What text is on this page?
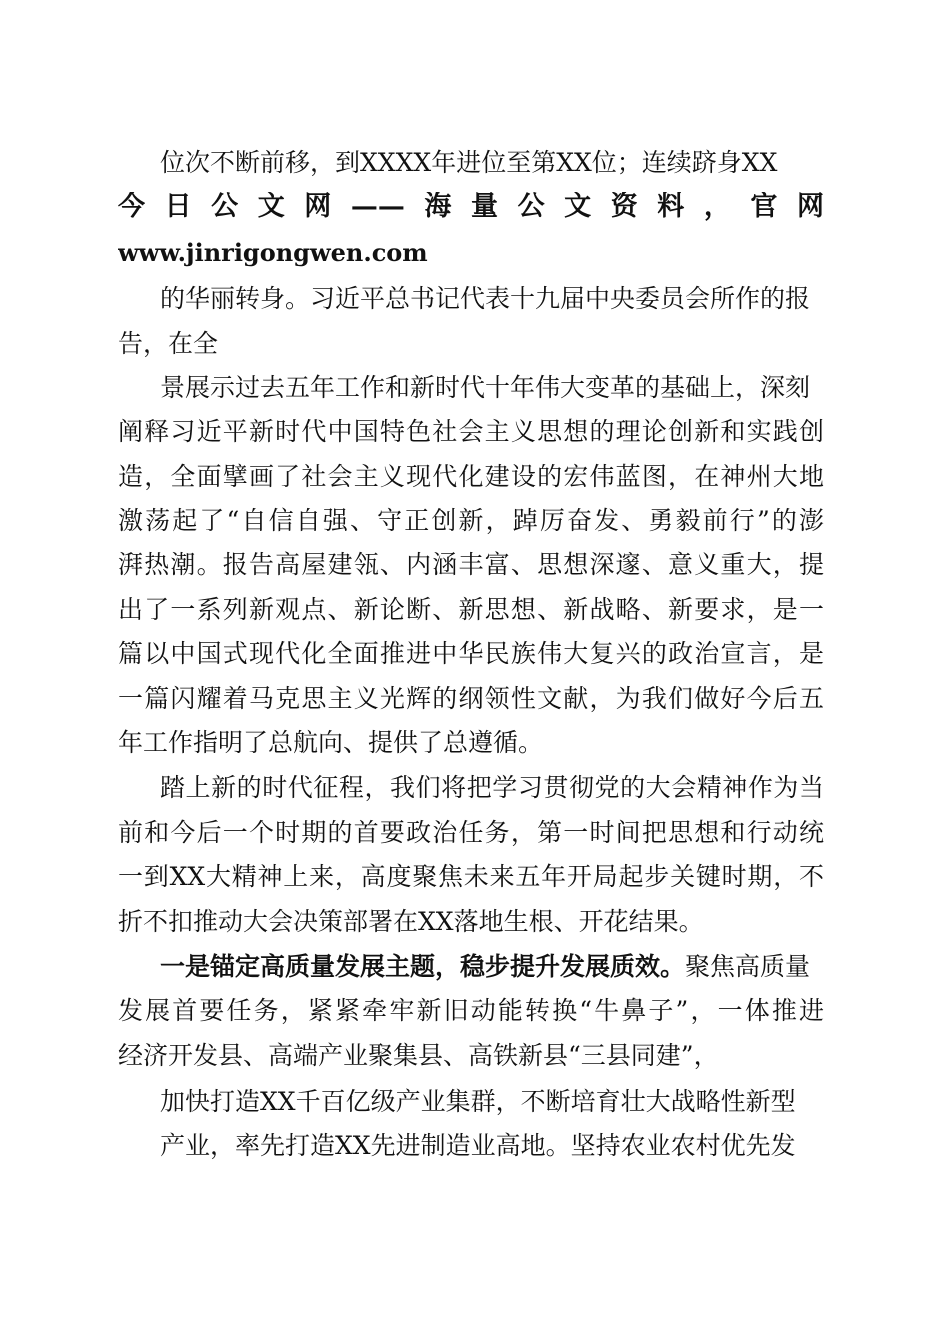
位次不断前移，到XXXX年进位至第XX位；连续跻身XX
今日公文网——海量公文资料，官网
www.jinrigongwen.com
的华丽转身。习近平总书记代表十九届中央委员会所作的报
告，在全
景展示过去五年工作和新时代十年伟大变革的基础上，深刻
阐释习近平新时代中国特色社会主义思想的理论创新和实践创
造，全面擘画了社会主义现代化建设的宏伟蓝图，在神州大地
激荡起了“自信自强、守正创新，踔厉奋发、勇毅前行”的澎
湃热潮。报告高屋建瓴、内涵丰富、思想深邃、意义重大，提
出了一系列新观点、新论断、新思想、新战略、新要求，是一
篇以中国式现代化全面推进中华民族伟大复兴的政治宣言，是
一篇闪耀着马克思主义光辉的纲领性文献，为我们做好今后五
年工作指明了总航向、提供了总遵循。
踏上新的时代征程，我们将把学习贯彻党的大会精神作为当
前和今后一个时期的首要政治任务，第一时间把思想和行动统
一到XX大精神上来，高度聚焦未来五年开局起步关键时期，不
折不扣推动大会决策部署在XX落地生根、开花结果。
一是锚定高质量发展主题，稳步提升发展质效。聚焦高质量
发展首要任务，紧紧牵牢新旧动能转换“牛鼻子”，一体推进
经济开发县、高端产业聚集县、高铁新县“三县同建”，
加快打造XX千百亿级产业集群，不断培育壮大战略性新型
产业，率先打造XX先进制造业高地。坚持农业农村优先发
